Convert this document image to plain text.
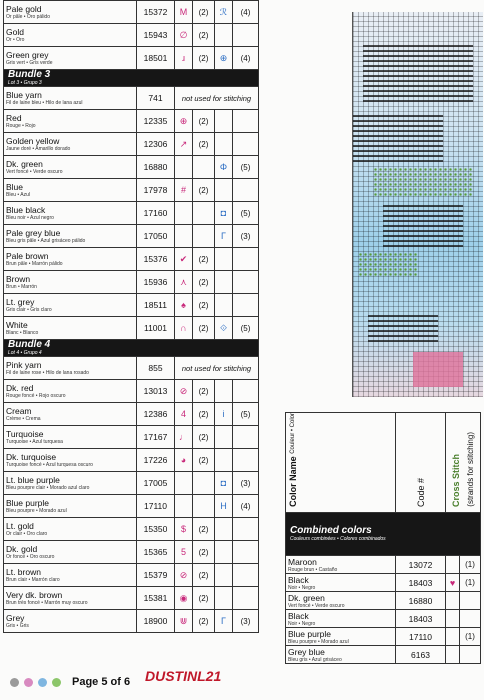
Pale gold
Or pâle • Oro pálido	15372	M	(2)	ℛ	(4)

Gold
Or • Oro	15943	∅	(2)		

Green grey
Gris vert • Gris verde	18501	ɹ	(2)	⊕	(4)

Bundle 3
Lot 3 • Grupo 3					

Blue yarn
Fil de laine bleu • Hilo de lana azul	741	not used for stitching			

Red
Rouge • Rojo	12335	⊕	(2)		

Golden yellow
Jaune doré • Amarillo dorado	12306	↗	(2)		

Dk. green
Vert foncé • Verde oscuro	16880			Φ	(5)

Blue
Bleu • Azul	17978	#	(2)		

Blue black
Bleu noir • Azul negro	17160			◘	(5)

Pale grey blue
Bleu gris pâle • Azul grisáceo pálido	17050			Γ	(3)

Pale brown
Brun pâle • Marrón pálido	15376	✔	(2)		

Brown
Brun • Marrón	15936	⋏	(2)		

Lt. grey
Gris clair • Gris claro	18511	♠	(2)		

White
Blanc • Blanco	11001	∩	(2)	⟐	(5)

Bundle 4
Lot 4 • Grupo 4					

Pink yarn
Fil de laine rose • Hilo de lana rosado	855	not used for stitching			

Dk. red
Rouge foncé • Rojo oscuro	13013	⊘	(2)		

Cream
Crème • Crema	12386	4	(2)	i	(5)

Turquoise
Turquoise • Azul turquesa	17167	♩	(2)		

Dk. turquoise
Turquoise foncé • Azul turquesa oscuro	17226	◕	(2)		

Lt. blue purple
Bleu pourpre clair • Morado azul claro	17005			◘	(3)

Blue purple
Bleu pourpre • Morado azul	17110			H	(4)

Lt. gold
Or clair • Oro claro	15350	$	(2)		

Dk. gold
Or foncé • Oro oscuro	15365	5	(2)		

Lt. brown
Brun clair • Marrón claro	15379	⊘	(2)		

Very dk. brown
Brun très foncé • Marrón muy oscuro	15381	◉	(2)		

Grey
Gris • Gris	18900	⋓	(2)	Γ	(3)
Color Name Couleur • Color	Code #	Cross Stitch (strands for stitching)	

Combined colors
Couleurs combinées • Colores combinados			

Maroon
Rouge brun • Castaño	13072		(1)

Black
Noir • Negro	18403	♥	(1)

Dk. green
Vert foncé • Verde oscuro	16880		

Black
Noir • Negro	18403		

Blue purple
Bleu pourpre • Morado azul	17110		(1)

Grey blue
Bleu gris • Azul grisáceo	6163		
Page 5 of 6 DUSTINL21
